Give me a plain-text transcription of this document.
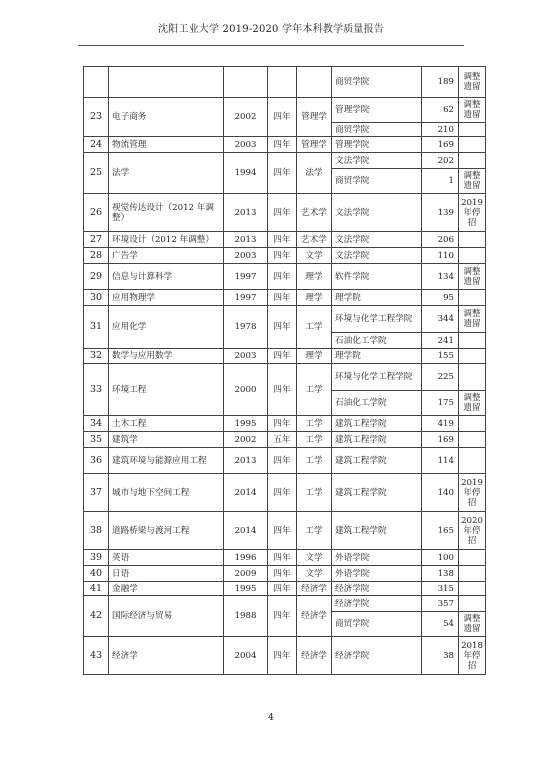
沈阳工业大学 2019-2020 学年本科教学质量报告
					商贸学院	189	调整遗留
23	电子商务	2002	四年	管理学	管理学院	62	调整遗留
					商贸学院	210	
24	物流管理	2003	四年	管理学	管理学院	169	
25	法学	1994	四年	法学	文法学院	202	
					商贸学院	1	调整遗留
26	视觉传达设计（2012 年调整）	2013	四年	艺术学	文法学院	139	2019年停招
27	环境设计（2012 年调整）	2013	四年	艺术学	文法学院	206	
28	广告学	2003	四年	文学	文法学院	110	
29	信息与计算科学	1997	四年	理学	软件学院	134	调整遗留
30	应用物理学	1997	四年	理学	理学院	95	
31	应用化学	1978	四年	工学	环境与化学工程学院	344	调整遗留
					石油化工学院	241	
32	数学与应用数学	2003	四年	理学	理学院	155	
33	环境工程	2000	四年	工学	环境与化学工程学院	225	
					石油化工学院	175	调整遗留
34	土木工程	1995	四年	工学	建筑工程学院	419	
35	建筑学	2002	五年	工学	建筑工程学院	169	
36	建筑环境与能源应用工程	2013	四年	工学	建筑工程学院	114	
37	城市与地下空间工程	2014	四年	工学	建筑工程学院	140	2019年停招
38	道路桥梁与渡河工程	2014	四年	工学	建筑工程学院	165	2020年停招
39	英语	1996	四年	文学	外语学院	100	
40	日语	2009	四年	文学	外语学院	138	
41	金融学	1995	四年	经济学	经济学院	315	
42	国际经济与贸易	1988	四年	经济学	经济学院	357	
					商贸学院	54	调整遗留
43	经济学	2004	四年	经济学	经济学院	38	2018年停招
4
